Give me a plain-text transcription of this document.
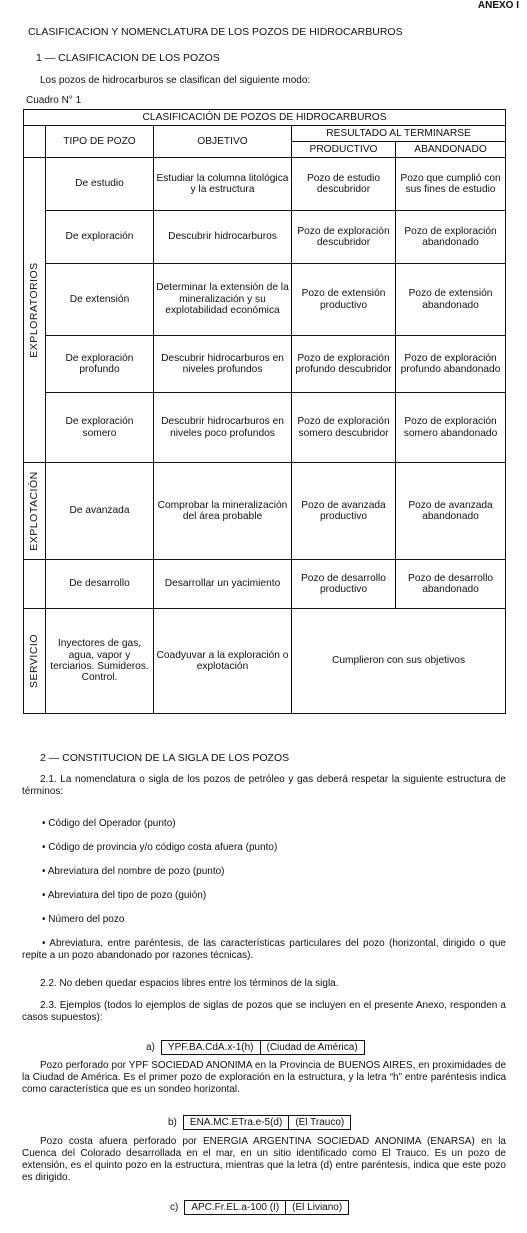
ANEXO I
CLASIFICACION Y NOMENCLATURA DE LOS POZOS DE HIDROCARBUROS
1 — CLASIFICACION DE LOS POZOS
Los pozos de hidrocarburos se clasifican del siguiente modo:
Cuadro N° 1
CLASIFICACIÓN DE POZOS DE HIDROCARBUROS				
	TIPO DE POZO	OBJETIVO	RESULTADO AL TERMINARSE	
			PRODUCTIVO	ABANDONADO

EXPLORATORIOS	De estudio	Estudiar la columna litológica y la estructura	Pozo de estudio descubridor	Pozo que cumplió con sus fines de estudio
	De exploración	Descubrir hidrocarburos	Pozo de exploración descubridor	Pozo de exploración abandonado
	De extensión	Determinar la extensión de la mineralización y su explotabilidad económica	Pozo de extensión productivo	Pozo de extensión abandonado
	De exploración profundo	Descubrir hidrocarburos en niveles profundos	Pozo de exploración profundo descubridor	Pozo de exploración profundo abandonado
	De exploración somero	Descubrir hidrocarburos en niveles poco profundos	Pozo de exploración somero descubridor	Pozo de exploración somero abandonado

EXPLOTACIÓN	De avanzada	Comprobar la mineralización del área probable	Pozo de avanzada productivo	Pozo de avanzada abandonado
	De desarrollo	Desarrollar un yacimiento	Pozo de desarrollo productivo	Pozo de desarrollo abandonado

SERVICIO	Inyectores de gas, agua, vapor y terciarios. Sumideros. Control.	Coadyuvar a la exploración o explotación	Cumplieron con sus objetivos	
2 — CONSTITUCION DE LA SIGLA DE LOS POZOS
2.1. La nomenclatura o sigla de los pozos de petróleo y gas deberá respetar la siguiente estructura de términos:
• Código del Operador (punto)
• Código de provincia y/o código costa afuera (punto)
• Abreviatura del nombre de pozo (punto)
• Abreviatura del tipo de pozo (guión)
• Número del pozo
• Abreviatura, entre paréntesis, de las características particulares del pozo (horizontal, dirigido o que repite a un pozo abandonado por razones técnicas).
2.2. No deben quedar espacios libres entre los términos de la sigla.
2.3. Ejemplos (todos lo ejemplos de siglas de pozos que se incluyen en el presente Anexo, responden a casos supuestos):
a)	YPF.BA.CdA.x-1(h)	(Ciudad de América)
Pozo perforado por YPF SOCIEDAD ANONIMA en la Provincia de BUENOS AIRES, en proximidades de la Ciudad de América. Es el primer pozo de exploración en la estructura, y la letra “h” entre paréntesis indica como característica que es un sondeo horizontal.
b)	ENA.MC.ETra.e-5(d)	(El Trauco)
Pozo costa afuera perforado por ENERGIA ARGENTINA SOCIEDAD ANONIMA (ENARSA) en la Cuenca del Colorado desarrollada en el mar, en un sitio identificado como El Trauco. Es un pozo de extensión, es el quinto pozo en la estructura, mientras que la letra (d) entre paréntesis, indica que este pozo es dirigido.
c)	APC.Fr.EL.a-100 (I)	(El Liviano)
